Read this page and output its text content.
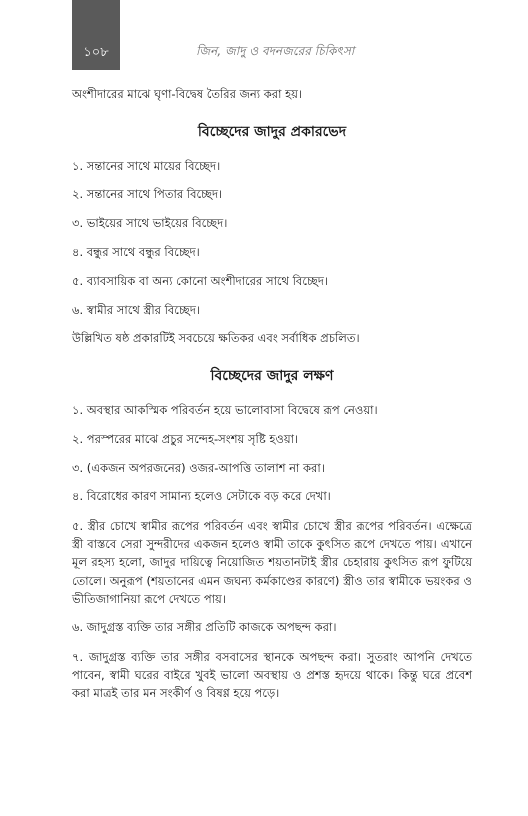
১০৮	জিন, জাদু ও বদনজরের চিকিৎসা

অংশীদারের মাঝে ঘৃণা-বিদ্বেষ তৈরির জন্য করা হয়।

বিচ্ছেদের জাদুর প্রকারভেদ

১. সন্তানের সাথে মায়ের বিচ্ছেদ।

২. সন্তানের সাথে পিতার বিচ্ছেদ।

৩. ভাইয়ের সাথে ভাইয়ের বিচ্ছেদ।

৪. বন্ধুর সাথে বন্ধুর বিচ্ছেদ।

৫. ব্যাবসায়িক বা অন্য কোনো অংশীদারের সাথে বিচ্ছেদ।

৬. স্বামীর সাথে স্ত্রীর বিচ্ছেদ।

উল্লিখিত ষষ্ঠ প্রকারটিই সবচেয়ে ক্ষতিকর এবং সর্বাধিক প্রচলিত।

বিচ্ছেদের জাদুর লক্ষণ

১. অবস্থার আকস্মিক পরিবর্তন হয়ে ভালোবাসা বিদ্বেষে রূপ নেওয়া।

২. পরস্পরের মাঝে প্রচুর সন্দেহ-সংশয় সৃষ্টি হওয়া।

৩. (একজন অপরজনের) ওজর-আপত্তি তালাশ না করা।

৪. বিরোধের কারণ সামান্য হলেও সেটাকে বড় করে দেখা।

৫. স্ত্রীর চোখে স্বামীর রূপের পরিবর্তন এবং স্বামীর চোখে স্ত্রীর রূপের পরিবর্তন। এক্ষেত্রে স্ত্রী বাস্তবে সেরা সুন্দরীদের একজন হলেও স্বামী তাকে কুৎসিত রূপে দেখতে পায়। এখানে মূল রহস্য হলো, জাদুর দায়িত্বে নিয়োজিত শয়তানটাই স্ত্রীর চেহারায় কুৎসিত রূপ ফুটিয়ে তোলে। অনুরূপ (শয়তানের এমন জঘন্য কর্মকাণ্ডের কারণে) স্ত্রীও তার স্বামীকে ভয়ংকর ও ভীতিজাগানিয়া রূপে দেখতে পায়।

৬. জাদুগ্রস্ত ব্যক্তি তার সঙ্গীর প্রতিটি কাজকে অপছন্দ করা।

৭. জাদুগ্রস্ত ব্যক্তি তার সঙ্গীর বসবাসের স্থানকে অপছন্দ করা। সুতরাং আপনি দেখতে পাবেন, স্বামী ঘরের বাইরে খুবই ভালো অবস্থায় ও প্রশস্ত হৃদয়ে থাকে। কিন্তু ঘরে প্রবেশ করা মাত্রই তার মন সংকীর্ণ ও বিষণ্ণ হয়ে পড়ে।
